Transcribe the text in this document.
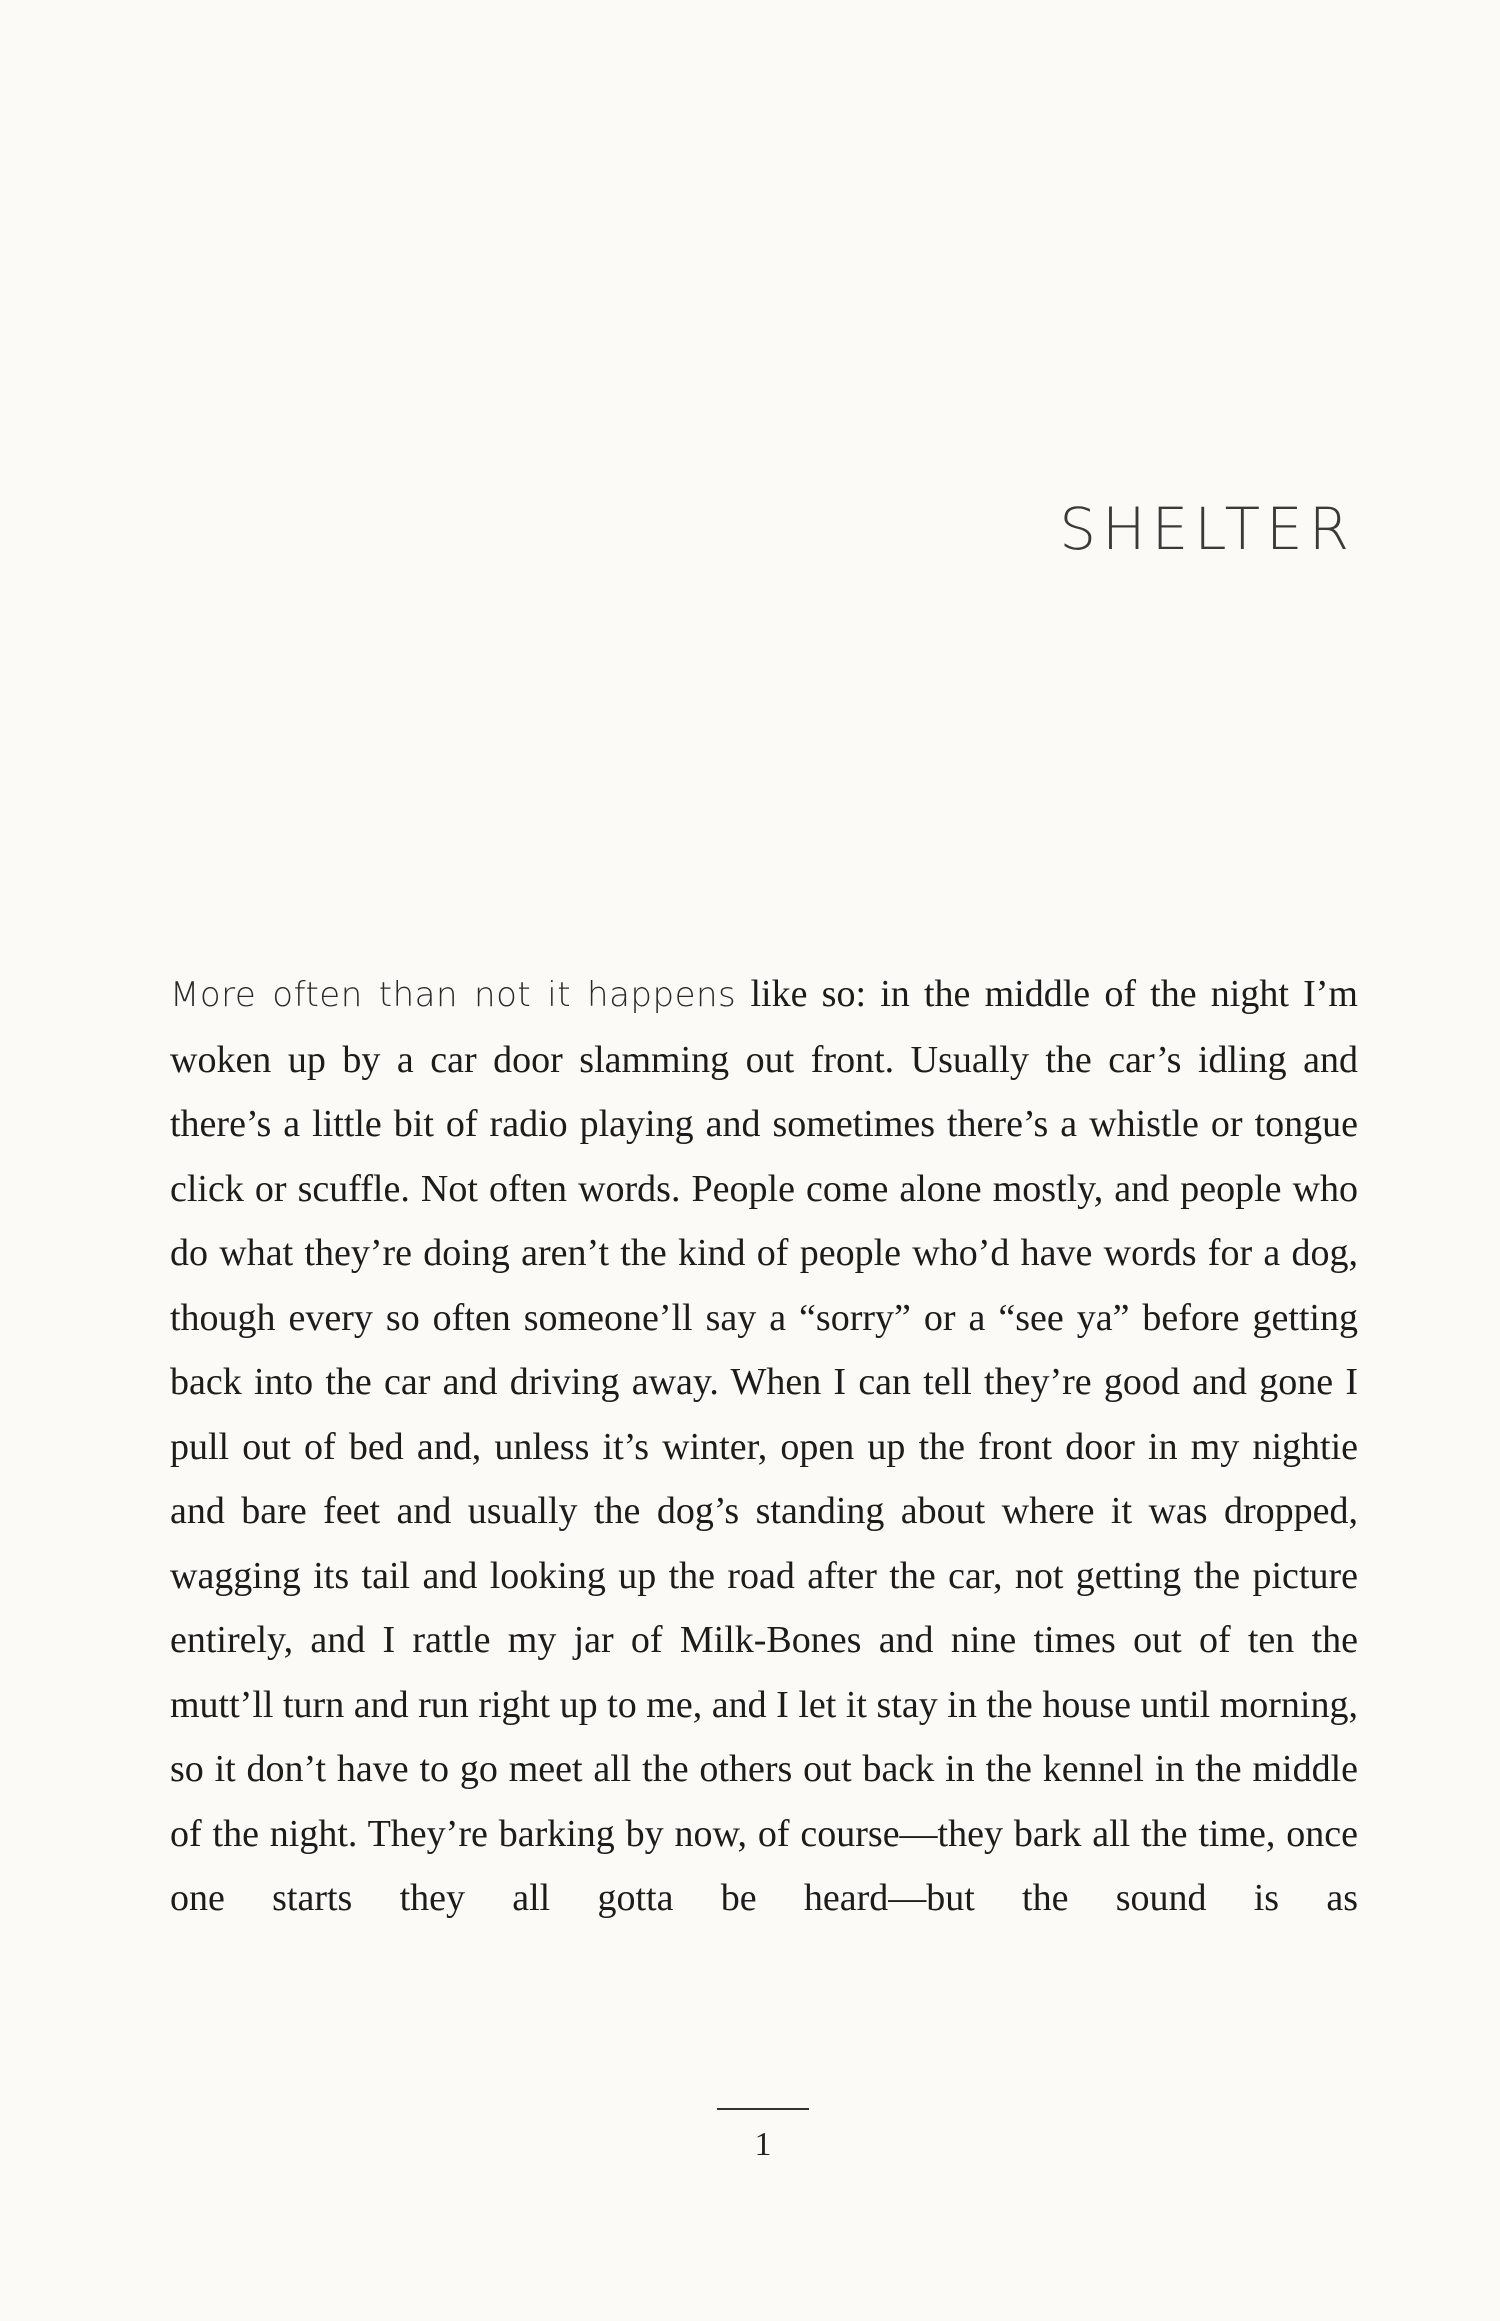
SHELTER

More often than not it happens like so: in the middle of the night I’m woken up by a car door slamming out front. Usually the car’s idling and there’s a little bit of radio playing and sometimes there’s a whistle or tongue click or scuffle. Not often words. People come alone mostly, and people who do what they’re doing aren’t the kind of people who’d have words for a dog, though every so often someone’ll say a “sorry” or a “see ya” before getting back into the car and driving away. When I can tell they’re good and gone I pull out of bed and, unless it’s winter, open up the front door in my nightie and bare feet and usually the dog’s standing about where it was dropped, wagging its tail and looking up the road after the car, not getting the picture entirely, and I rattle my jar of Milk-Bones and nine times out of ten the mutt’ll turn and run right up to me, and I let it stay in the house until morning, so it don’t have to go meet all the others out back in the kennel in the middle of the night. They’re barking by now, of course—they bark all the time, once one starts they all gotta be heard—but the sound is as

1
